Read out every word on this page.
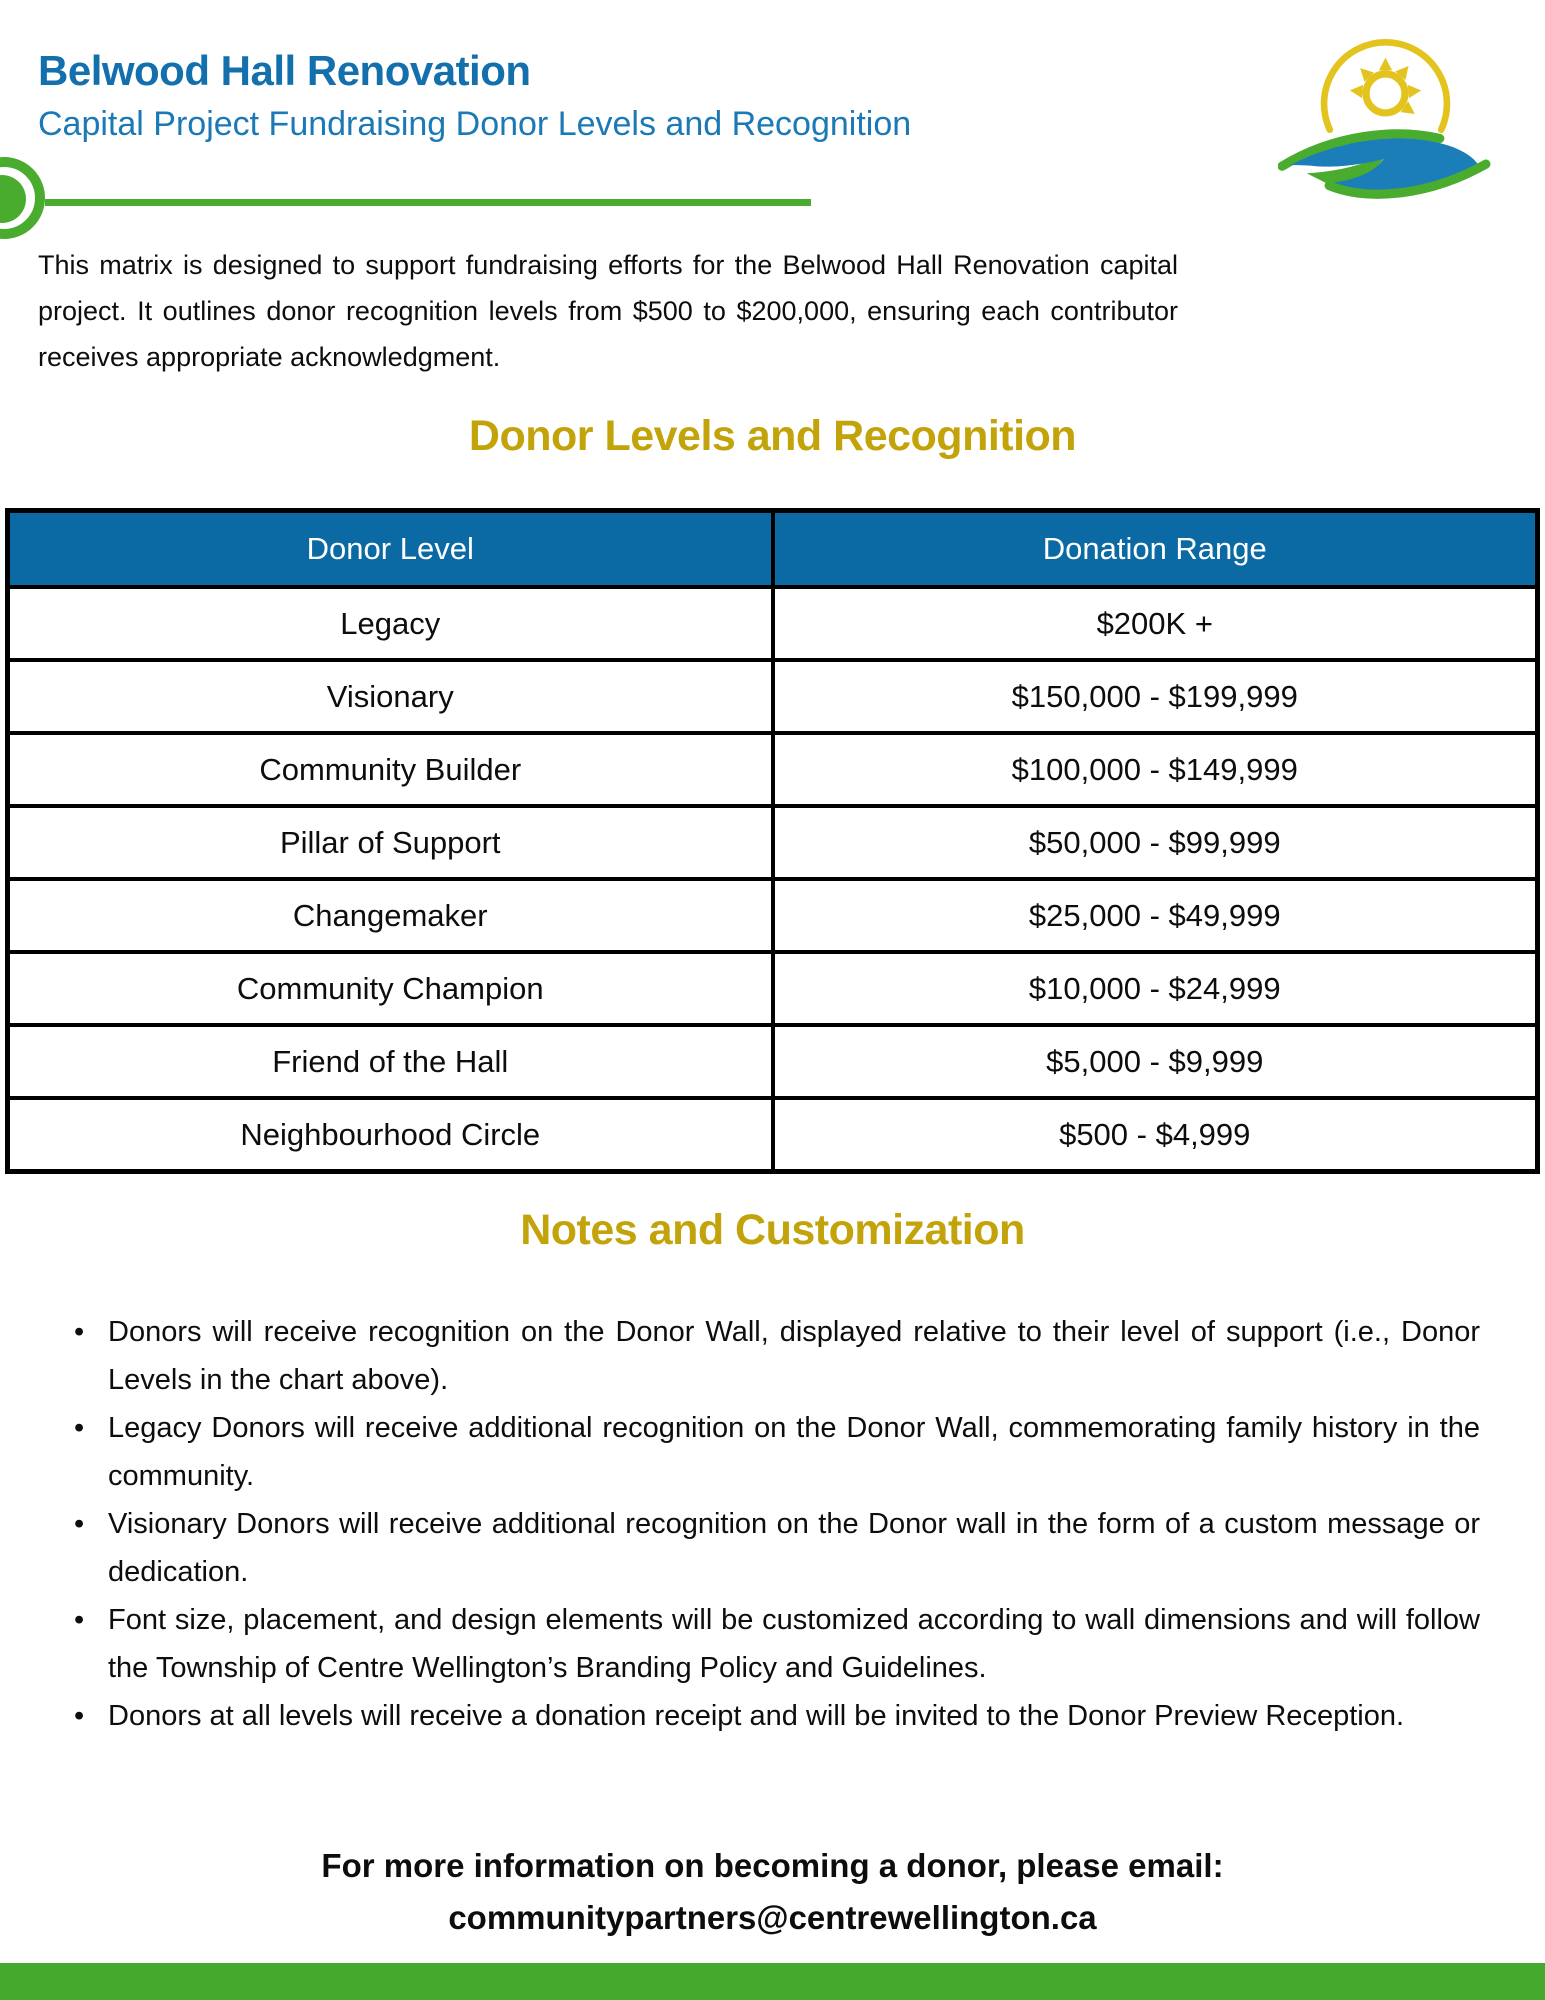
Belwood Hall Renovation
Capital Project Fundraising Donor Levels and Recognition
This matrix is designed to support fundraising efforts for the Belwood Hall Renovation capital project. It outlines donor recognition levels from $500 to $200,000, ensuring each contributor receives appropriate acknowledgment.
Donor Levels and Recognition
Donor Level	Donation Range
Legacy	$200K +
Visionary	$150,000 - $199,999
Community Builder	$100,000 - $149,999
Pillar of Support	$50,000 - $99,999
Changemaker	$25,000 - $49,999
Community Champion	$10,000 - $24,999
Friend of the Hall	$5,000 - $9,999
Neighbourhood Circle	$500 - $4,999
Notes and Customization
• Donors will receive recognition on the Donor Wall, displayed relative to their level of support (i.e., Donor Levels in the chart above).
• Legacy Donors will receive additional recognition on the Donor Wall, commemorating family history in the community.
• Visionary Donors will receive additional recognition on the Donor wall in the form of a custom message or dedication.
• Font size, placement, and design elements will be customized according to wall dimensions and will follow the Township of Centre Wellington’s Branding Policy and Guidelines.
• Donors at all levels will receive a donation receipt and will be invited to the Donor Preview Reception.
For more information on becoming a donor, please email:
communitypartners@centrewellington.ca
